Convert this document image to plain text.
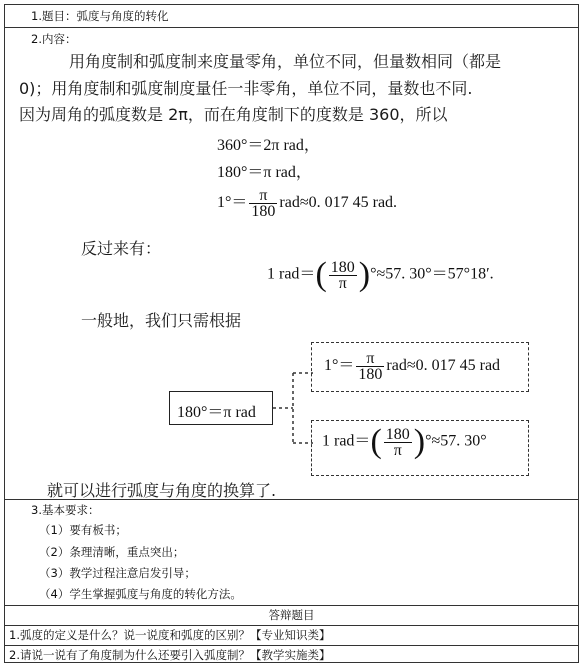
1.题目：弧度与角度的转化
2.内容：
用角度制和弧度制来度量零角，单位不同，但量数相同（都是
0)；用角度制和弧度制度量任一非零角，单位不同，量数也不同.
因为周角的弧度数是 2π，而在角度制下的度数是 360，所以
360°＝2π rad，
180°＝π rad，
$1^\circ= \frac{\pi}{180} rad\approx 0$. 017 45 rad.
反过来有：
1 $rad=( \frac{180}{\pi} )^\circ\approx 57$. 30°＝57°18′.
一般地，我们只需根据
180°＝π rad
$1^\circ= \frac{\pi}{180} rad\approx 0$. 017 45 rad
1 $rad=( \frac{180}{\pi} )^\circ\approx 57$. 30°
就可以进行弧度与角度的换算了.
3.基本要求：
（1）要有板书；
（2）条理清晰，重点突出；
（3）教学过程注意启发引导；
（4）学生掌握弧度与角度的转化方法。
答辩题目
1.弧度的定义是什么？说一说度和弧度的区别？【专业知识类】
2.请说一说有了角度制为什么还要引入弧度制？【教学实施类】
